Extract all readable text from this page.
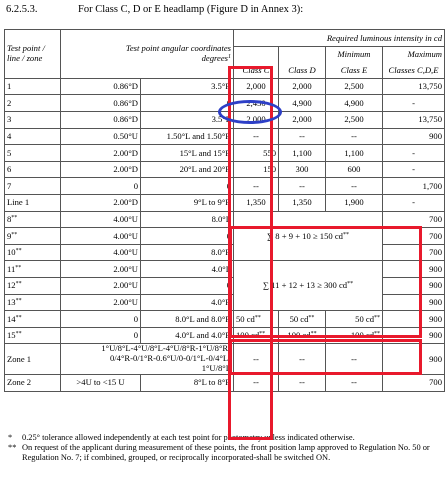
6.2.5.3.	For Class C, D or E headlamp (Figure D in Annex 3):
Test point / line / zone	Test point angular coordinates
degrees$^1$		Required luminous intensity in cd			
					Minimum	Maximum
			Class C	Class D	Class E	Classes C,D,E
1	0.86°D	3.5°R	2,000	2,000	2,500	13,750
2	0.86°D	0	2,450	4,900	4,900	-
3	0.86°D	3.5°L	2,000	2,000	2,500	13,750
4	0.50°U	1.50°L and 1.50°R	--	--	--	900
5	2.00°D	15°L and 15°R	550	1,100	1,100	-
6	2.00°D	20°L and 20°R	150	300	600	-
7	0	0	--	--	--	1,700
Line 1	2.00°D	9°L to 9°R	1,350	1,350	1,900	-
8**	4.00°U	8.0°L	∑ 8 + 9 + 10 ≥ 150 cd**			700
9**	4.00°U	0				700
10**	4.00°U	8.0°R				700
11**	2.00°U	4.0°L	∑ 11 + 12 + 13 ≥ 300 cd**			900
12**	2.00°U	0				900
13**	2.00°U	4.0°R				900
14**	0	8.0°L and 8.0°R	50 cd**	50 cd**	50 cd**	900
15**	0	4.0°L and 4.0°R	100 cd**	100 cd**	100 cd**	900
Zone 1	1°U/8°L-4°U/8°L-4°U/8°R-1°U/8°R-0/4°R-0/1°R-0.6°U/0-0/1°L-0/4°L-1°U/8°L		--	--	--	900
Zone 2	>4U to <15 U	8°L to 8°R	--	--	--	700
* 0.25° tolerance allowed independently at each test point for photometry unless indicated otherwise.
** On request of the applicant during measurement of these points, the front position lamp approved to Regulation No. 50 or Regulation No. 7; if combined, grouped, or reciprocally incorporated-shall be switched ON.
